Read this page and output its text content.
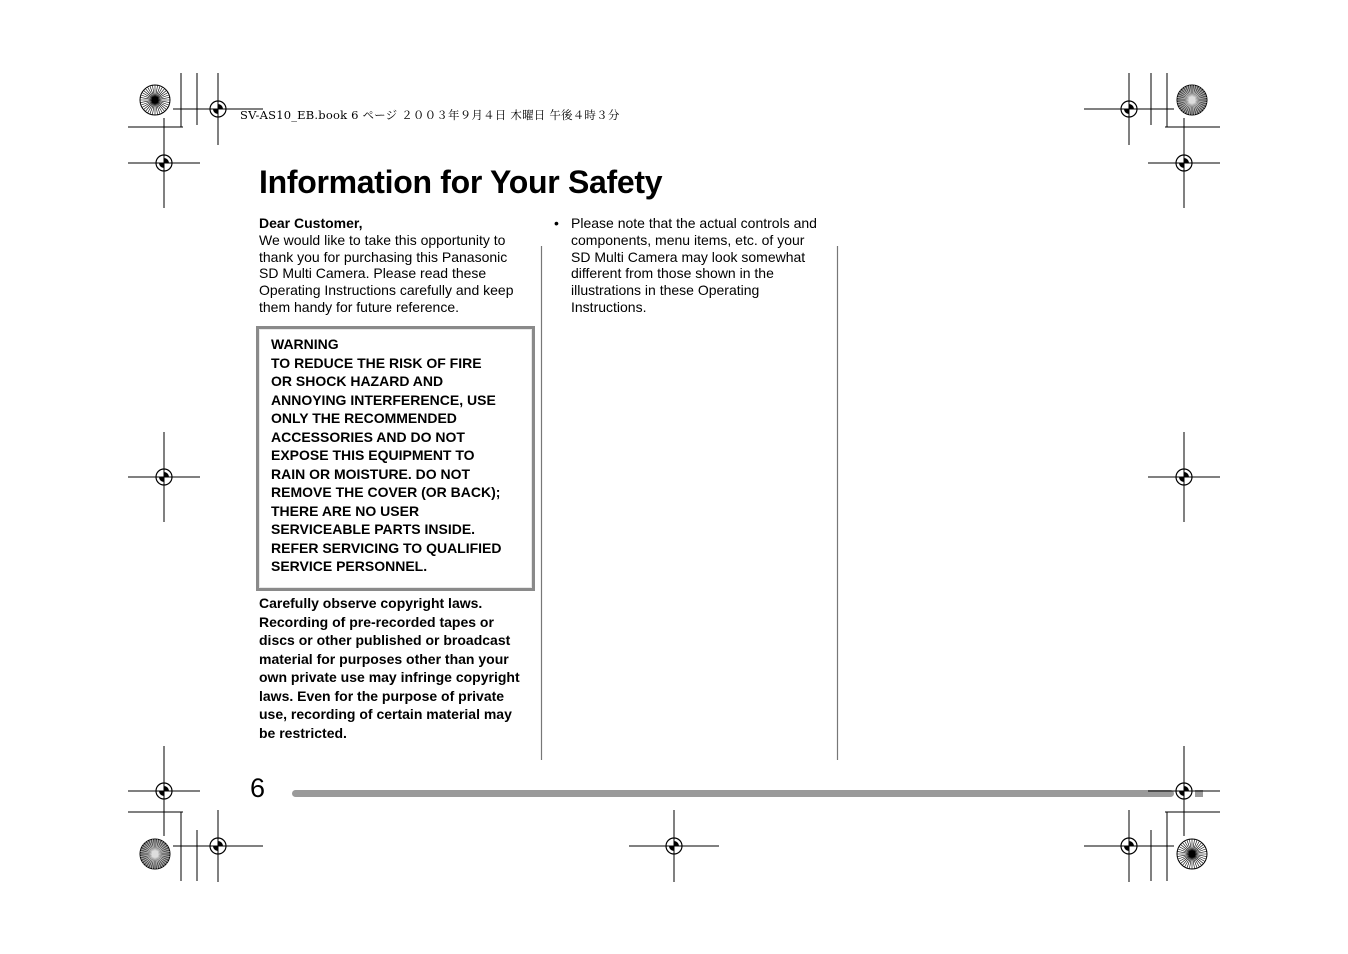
SV-AS10_EB.book 6 ページ ２００３年９月４日 木曜日 午後４時３分
Information for Your Safety

Dear Customer,

We would like to take this opportunity to thank you for purchasing this Panasonic SD Multi Camera. Please read these Operating Instructions carefully and keep them handy for future reference.

WARNING

TO REDUCE THE RISK OF FIRE
OR SHOCK HAZARD AND
ANNOYING INTERFERENCE, USE
ONLY THE RECOMMENDED
ACCESSORIES AND DO NOT
EXPOSE THIS EQUIPMENT TO
RAIN OR MOISTURE. DO NOT
REMOVE THE COVER (OR BACK);
THERE ARE NO USER
SERVICEABLE PARTS INSIDE.
REFER SERVICING TO QUALIFIED
SERVICE PERSONNEL.

Carefully observe copyright laws. Recording of pre-recorded tapes or discs or other published or broadcast material for purposes other than your own private use may infringe copyright laws. Even for the purpose of private use, recording of certain material may be restricted.

• Please note that the actual controls and components, menu items, etc. of your SD Multi Camera may look somewhat different from those shown in the illustrations in these Operating Instructions.

6
